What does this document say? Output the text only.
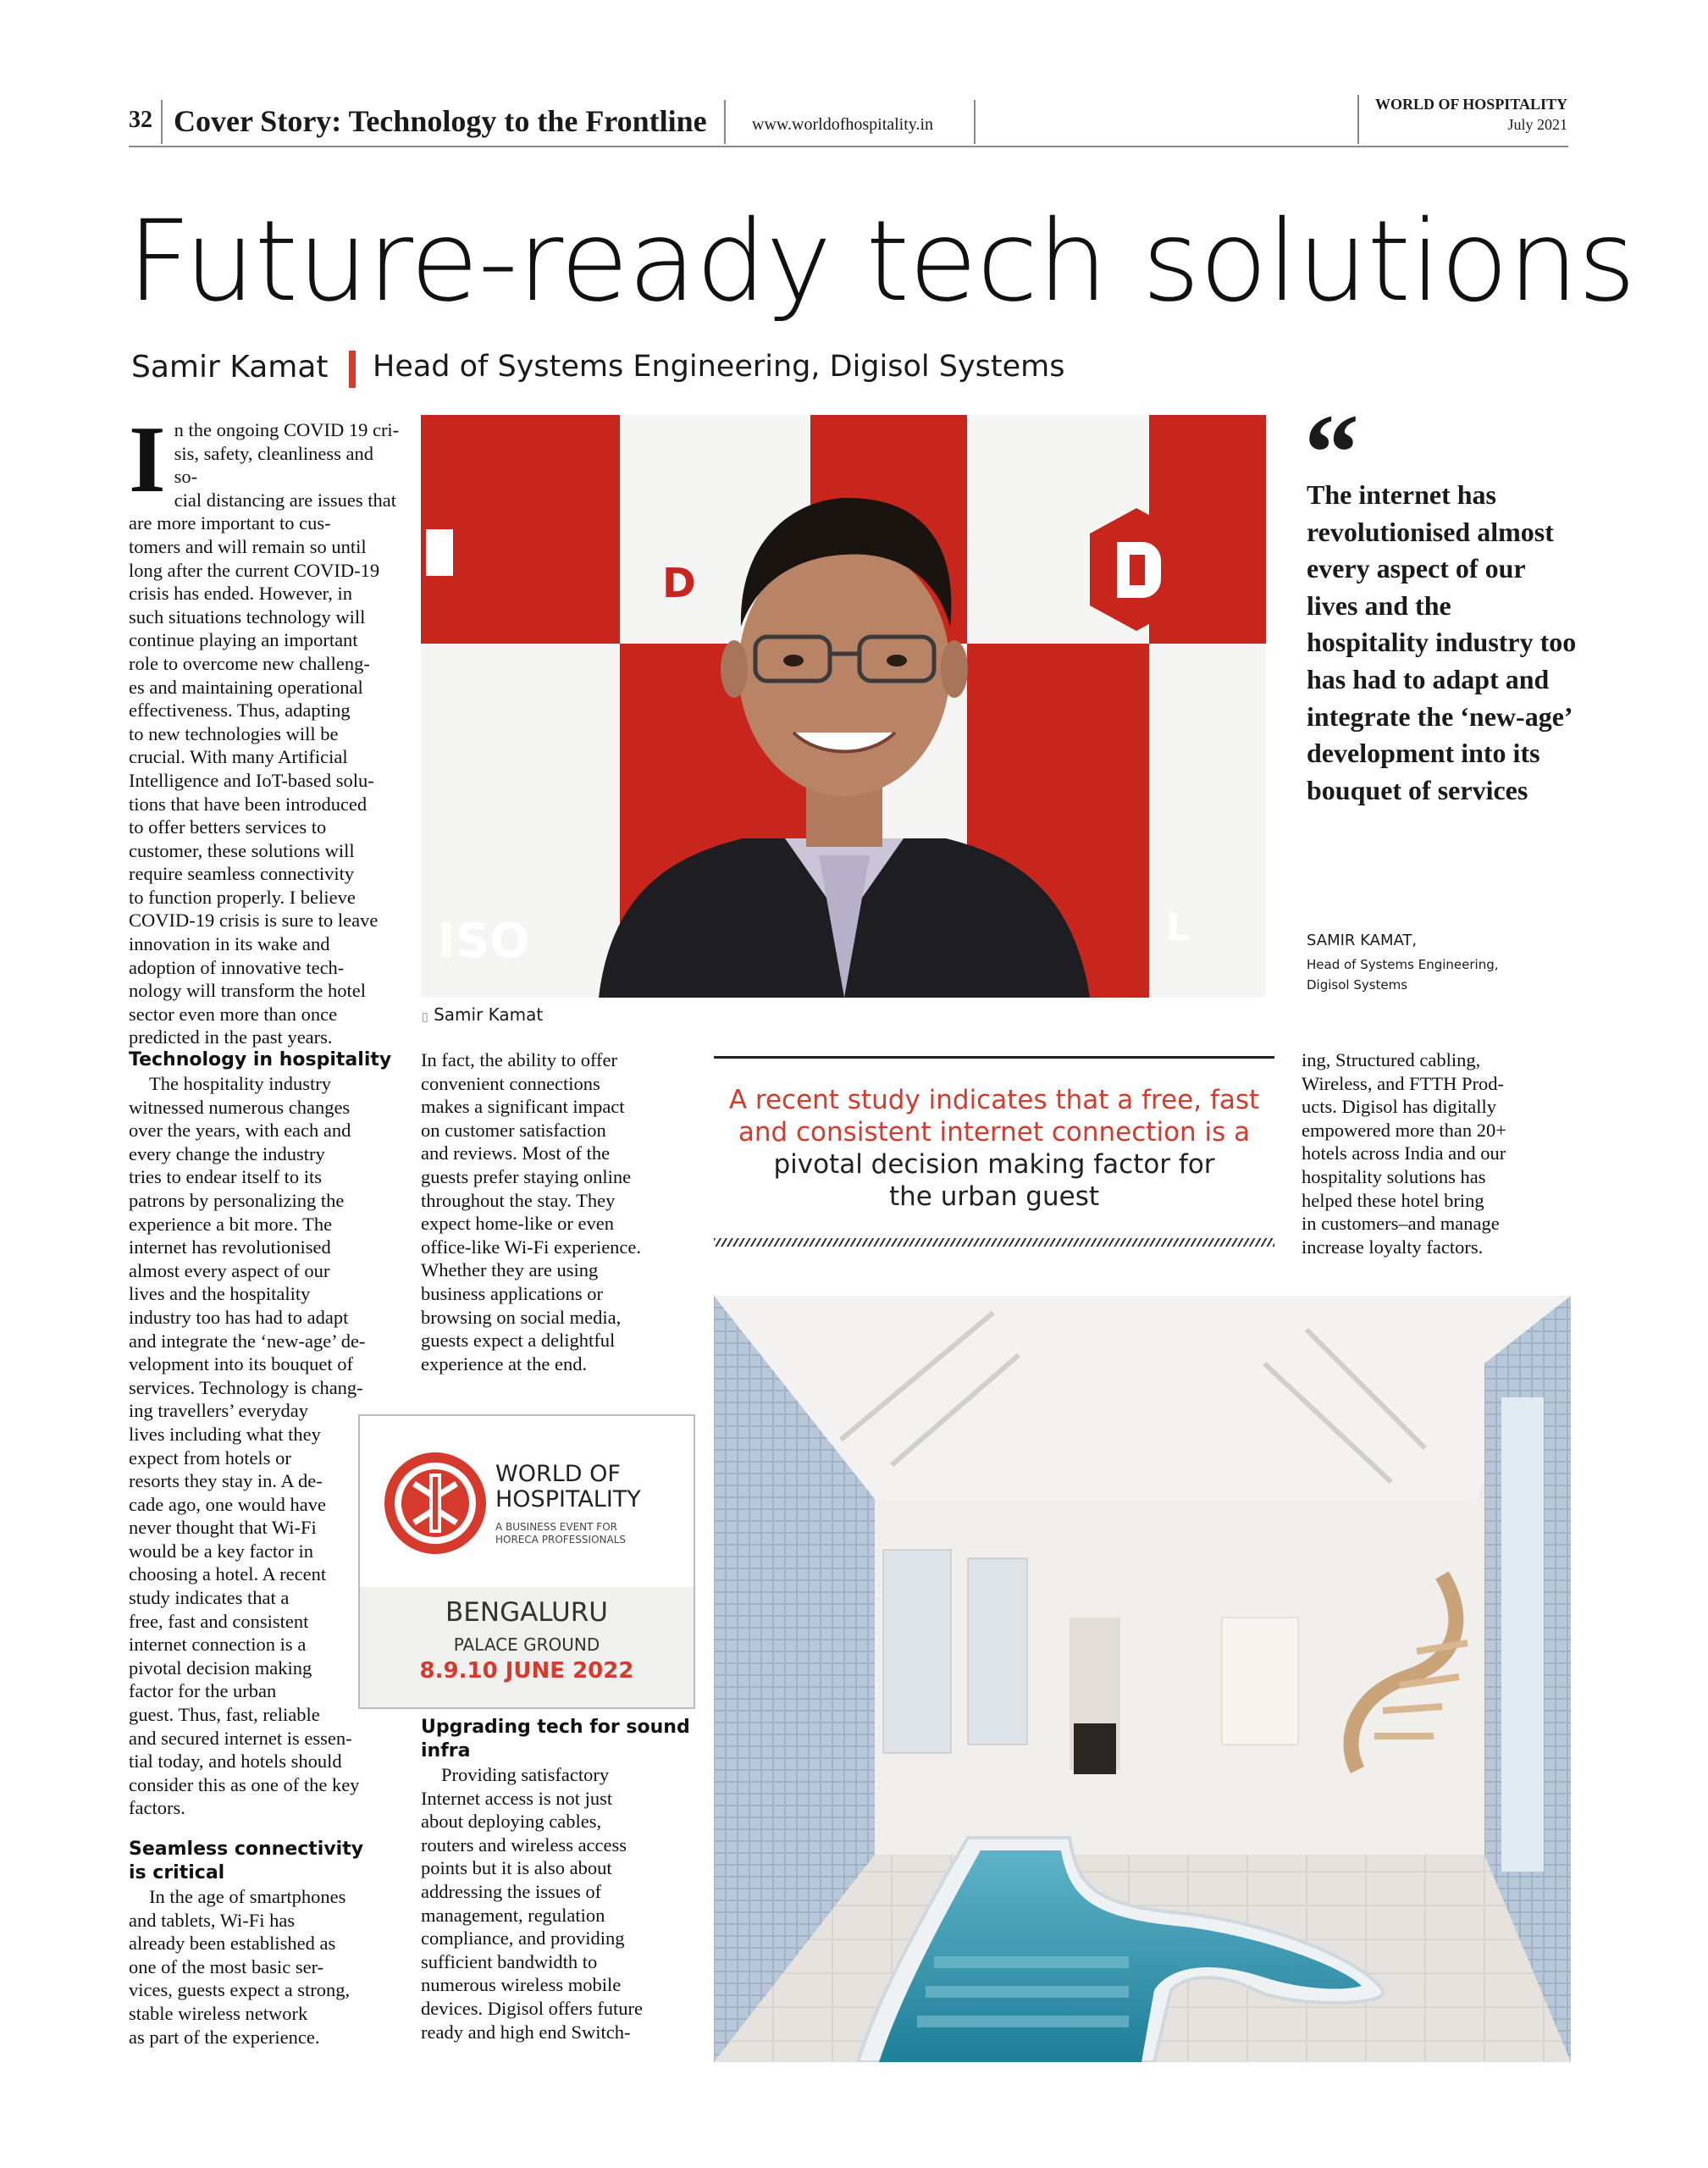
32 Cover Story: Technology to the Frontline	www.worldofhospitality.in
WORLD OF HOSPITALITY
July 2021
Future-ready tech solutions
Samir Kamat Head of Systems Engineering, Digisol Systems
I n the ongoing COVID 19 cri-
sis, safety, cleanliness and so-
cial distancing are issues that
are more important to cus-
tomers and will remain so until
long after the current COVID-19
crisis has ended. However, in
such situations technology will
continue playing an important
role to overcome new challeng-
es and maintaining operational
effectiveness. Thus, adapting
to new technologies will be
crucial. With many Artificial
Intelligence and IoT-based solu-
tions that have been introduced
to offer betters services to
customer, these solutions will
require seamless connectivity
to function properly. I believe
COVID-19 crisis is sure to leave
innovation in its wake and
adoption of innovative tech-
nology will transform the hotel
sector even more than once
predicted in the past years.
Technology in hospitality
The hospitality industry
witnessed numerous changes
over the years, with each and
every change the industry
tries to endear itself to its
patrons by personalizing the
experience a bit more. The
internet has revolutionised
almost every aspect of our
lives and the hospitality
industry too has had to adapt
and integrate the ‘new-age’ de-
velopment into its bouquet of
services. Technology is chang-
ing travellers’ everyday
lives including what they
expect from hotels or
resorts they stay in. A de-
cade ago, one would have
never thought that Wi-Fi
would be a key factor in
choosing a hotel. A recent
study indicates that a
free, fast and consistent
internet connection is a
pivotal decision making
factor for the urban
guest. Thus, fast, reliable
and secured internet is essen-
tial today, and hotels should
consider this as one of the key
factors.
Seamless connectivity is critical
In the age of smartphones
and tablets, Wi-Fi has
already been established as
one of the most basic ser-
vices, guests expect a strong,
stable wireless network
as part of the experience.
In fact, the ability to offer
convenient connections
makes a significant impact
on customer satisfaction
and reviews. Most of the
guests prefer staying online
throughout the stay. They
expect home-like or even
office-like Wi-Fi experience.
Whether they are using
business applications or
browsing on social media,
guests expect a delightful
experience at the end.
Upgrading tech for sound infra
Providing satisfactory
Internet access is not just
about deploying cables,
routers and wireless access
points but it is also about
addressing the issues of
management, regulation
compliance, and providing
sufficient bandwidth to
numerous wireless mobile
devices. Digisol offers future
ready and high end Switch-
ing, Structured cabling,
Wireless, and FTTH Prod-
ucts. Digisol has digitally
empowered more than 20+
hotels across India and our
hospitality solutions has
helped these hotel bring
in customers–and manage
increase loyalty factors.
ISO	L
D
▯ Samir Kamat
“
The internet has revolutionised almost every aspect of our lives and the hospitality industry too has had to adapt and integrate the ‘new-age’ development into its bouquet of services
SAMIR KAMAT,
Head of Systems Engineering,
Digisol Systems
A recent study indicates that a free, fast
and consistent internet connection is a
pivotal decision making factor for
the urban guest
WORLD OF
HOSPITALITY
A BUSINESS EVENT FOR
HORECA PROFESSIONALS
BENGALURU
PALACE GROUND
8.9.10 JUNE 2022
